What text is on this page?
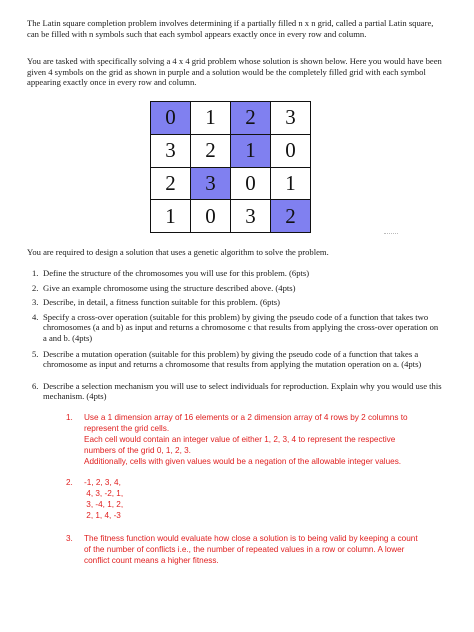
The Latin square completion problem involves determining if a partially filled n x n grid, called a partial Latin square, can be filled with n symbols such that each symbol appears exactly once in every row and column.

You are tasked with specifically solving a 4 x 4 grid problem whose solution is shown below. Here you would have been given 4 symbols on the grid as shown in purple and a solution would be the completely filled grid with each symbol appearing exactly once in every row and column.

0	1	2	3
3	2	1	0
2	3	0	1
1	0	3	2

You are required to design a solution that uses a genetic algorithm to solve the problem.

1. Define the structure of the chromosomes you will use for this problem. (6pts)
2. Give an example chromosome using the structure described above. (4pts)
3. Describe, in detail, a fitness function suitable for this problem. (6pts)
4. Specify a cross-over operation (suitable for this problem) by giving the pseudo code of a function that takes two chromosomes (a and b) as input and returns a chromosome c that results from applying the cross-over operation on a and b. (4pts)
5. Describe a mutation operation (suitable for this problem) by giving the pseudo code of a function that takes a chromosome as input and returns a chromosome that results from applying the mutation operation on a. (4pts)
6. Describe a selection mechanism you will use to select individuals for reproduction. Explain why you would use this mechanism. (4pts)
1.	Use a 1 dimension array of 16 elements or a 2 dimension array of 4 rows by 2 columns to represent the grid cells.
Each cell would contain an integer value of either 1, 2, 3, 4 to represent the respective numbers of the grid 0, 1, 2, 3.
Additionally, cells with given values would be a negation of the allowable integer values.
2.	-1, 2, 3, 4,
4, 3, -2, 1,
3, -4, 1, 2,
2, 1, 4, -3
3.	The fitness function would evaluate how close a solution is to being valid by keeping a count of the number of conflicts i.e., the number of repeated values in a row or column. A lower conflict count means a higher fitness.
